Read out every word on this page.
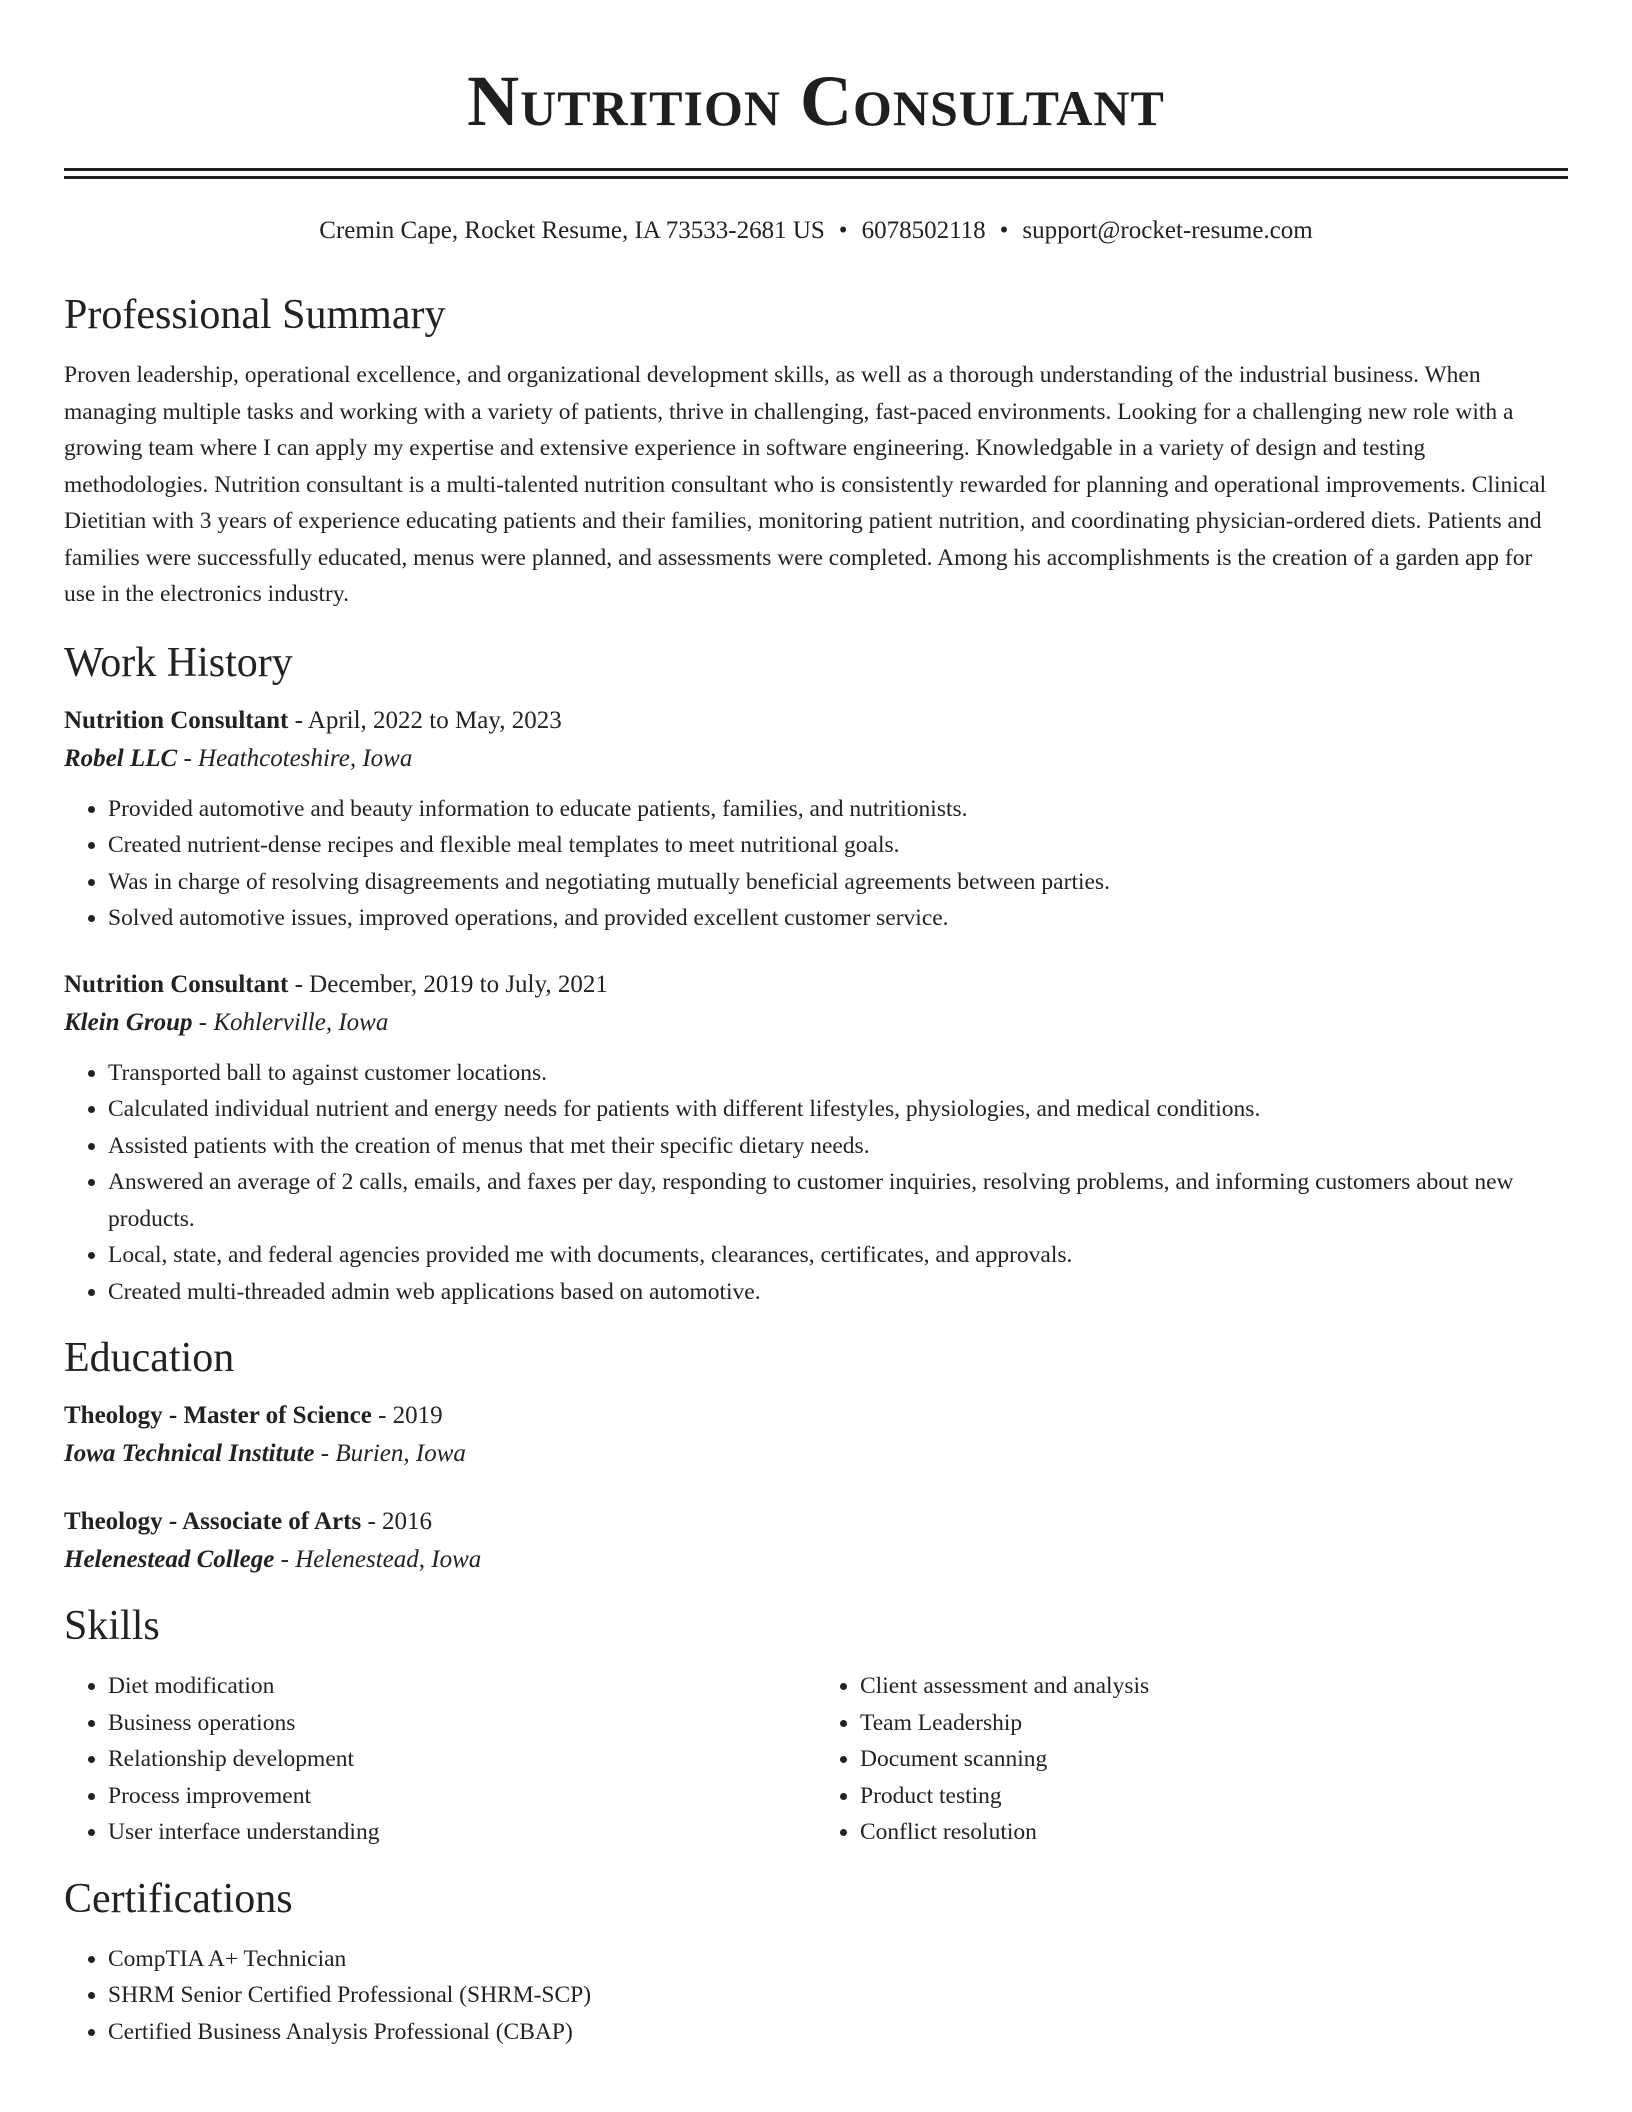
Nutrition Consultant
Cremin Cape, Rocket Resume, IA 73533-2681 US • 6078502118 • support@rocket-resume.com
Professional Summary

Proven leadership, operational excellence, and organizational development skills, as well as a thorough understanding of the industrial business. When managing multiple tasks and working with a variety of patients, thrive in challenging, fast-paced environments. Looking for a challenging new role with a growing team where I can apply my expertise and extensive experience in software engineering. Knowledgable in a variety of design and testing methodologies. Nutrition consultant is a multi-talented nutrition consultant who is consistently rewarded for planning and operational improvements. Clinical Dietitian with 3 years of experience educating patients and their families, monitoring patient nutrition, and coordinating physician-ordered diets. Patients and families were successfully educated, menus were planned, and assessments were completed. Among his accomplishments is the creation of a garden app for use in the electronics industry.

Work History
Nutrition Consultant - April, 2022 to May, 2023
Robel LLC - Heathcoteshire, Iowa
• Provided automotive and beauty information to educate patients, families, and nutritionists.
• Created nutrient-dense recipes and flexible meal templates to meet nutritional goals.
• Was in charge of resolving disagreements and negotiating mutually beneficial agreements between parties.
• Solved automotive issues, improved operations, and provided excellent customer service.
Nutrition Consultant - December, 2019 to July, 2021
Klein Group - Kohlerville, Iowa
• Transported ball to against customer locations.
• Calculated individual nutrient and energy needs for patients with different lifestyles, physiologies, and medical conditions.
• Assisted patients with the creation of menus that met their specific dietary needs.
• Answered an average of 2 calls, emails, and faxes per day, responding to customer inquiries, resolving problems, and informing customers about new products.
• Local, state, and federal agencies provided me with documents, clearances, certificates, and approvals.
• Created multi-threaded admin web applications based on automotive.
Education
Theology - Master of Science - 2019
Iowa Technical Institute - Burien, Iowa
Theology - Associate of Arts - 2016
Helenestead College - Helenestead, Iowa
Skills
• Diet modification
• Business operations
• Relationship development
• Process improvement
• User interface understanding
• Client assessment and analysis
• Team Leadership
• Document scanning
• Product testing
• Conflict resolution
Certifications
• CompTIA A+ Technician
• SHRM Senior Certified Professional (SHRM-SCP)
• Certified Business Analysis Professional (CBAP)
